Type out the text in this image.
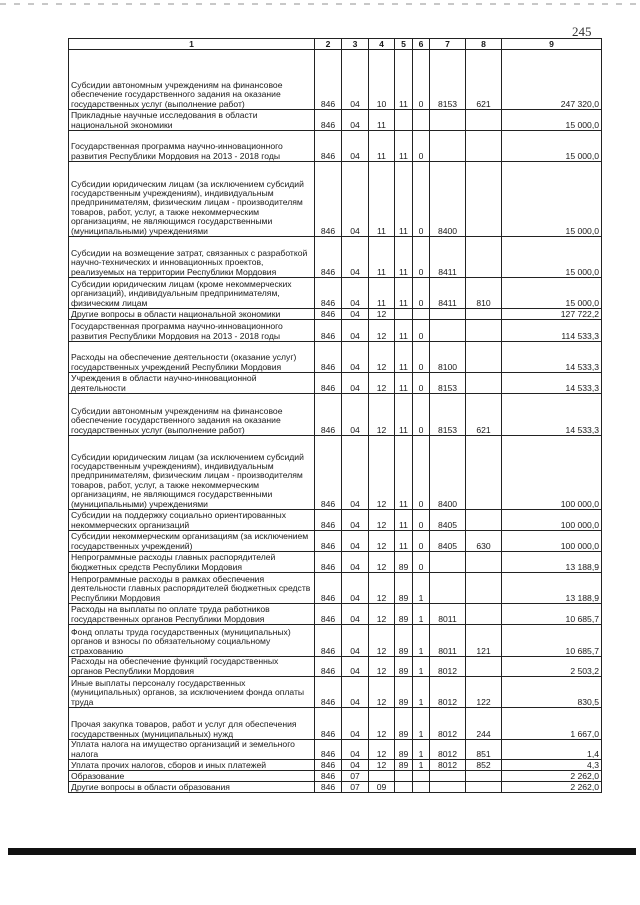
245
1	2	3	4	5	6	7	8	9
Субсидии автономным учреждениям на финансовое обеспечение государственного задания на оказание государственных услуг (выполнение работ)	846	04	10	11	0	8153	621	247 320,0
Прикладные научные исследования в области национальной экономики	846	04	11					15 000,0
Государственная программа научно-инновационного развития Республики Мордовия на 2013 - 2018 годы	846	04	11	11	0			15 000,0
Субсидии юридическим лицам (за исключением субсидий государственным учреждениям), индивидуальным предпринимателям, физическим лицам - производителям товаров, работ, услуг, а также некоммерческим организациям, не являющимся государственными (муниципальными) учреждениями	846	04	11	11	0	8400		15 000,0
Субсидии на возмещение затрат, связанных с разработкой научно-технических и инновационных проектов, реализуемых на территории Республики Мордовия	846	04	11	11	0	8411		15 000,0
Субсидии юридическим лицам (кроме некоммерческих организаций), индивидуальным предпринимателям, физическим лицам	846	04	11	11	0	8411	810	15 000,0
Другие вопросы в области национальной экономики	846	04	12					127 722,2
Государственная программа научно-инновационного развития Республики Мордовия на 2013 - 2018 годы	846	04	12	11	0			114 533,3
Расходы на обеспечение деятельности (оказание услуг) государственных учреждений Республики Мордовия	846	04	12	11	0	8100		14 533,3
Учреждения в области научно-инновационной деятельности	846	04	12	11	0	8153		14 533,3
Субсидии автономным учреждениям на финансовое обеспечение государственного задания на оказание государственных услуг (выполнение работ)	846	04	12	11	0	8153	621	14 533,3
Субсидии юридическим лицам (за исключением субсидий государственным учреждениям), индивидуальным предпринимателям, физическим лицам - производителям товаров, работ, услуг, а также некоммерческим организациям, не являющимся государственными (муниципальными) учреждениями	846	04	12	11	0	8400		100 000,0
Субсидии на поддержку социально ориентированных некоммерческих организаций	846	04	12	11	0	8405		100 000,0
Субсидии некоммерческим организациям (за исключением государственных учреждений)	846	04	12	11	0	8405	630	100 000,0
Непрограммные расходы главных распорядителей бюджетных средств Республики Мордовия	846	04	12	89	0			13 188,9
Непрограммные расходы в рамках обеспечения деятельности главных распорядителей бюджетных средств Республики Мордовия	846	04	12	89	1			13 188,9
Расходы на выплаты по оплате труда работников государственных органов Республики Мордовия	846	04	12	89	1	8011		10 685,7
Фонд оплаты труда государственных (муниципальных) органов и взносы по обязательному социальному страхованию	846	04	12	89	1	8011	121	10 685,7
Расходы на обеспечение функций государственных органов Республики Мордовия	846	04	12	89	1	8012		2 503,2
Иные выплаты персоналу государственных (муниципальных) органов, за исключением фонда оплаты труда	846	04	12	89	1	8012	122	830,5
Прочая закупка товаров, работ и услуг для обеспечения государственных (муниципальных) нужд	846	04	12	89	1	8012	244	1 667,0
Уплата налога на имущество организаций и земельного налога	846	04	12	89	1	8012	851	1,4
Уплата прочих налогов, сборов и иных платежей	846	04	12	89	1	8012	852	4,3
Образование	846	07						2 262,0
Другие вопросы в области образования	846	07	09					2 262,0
